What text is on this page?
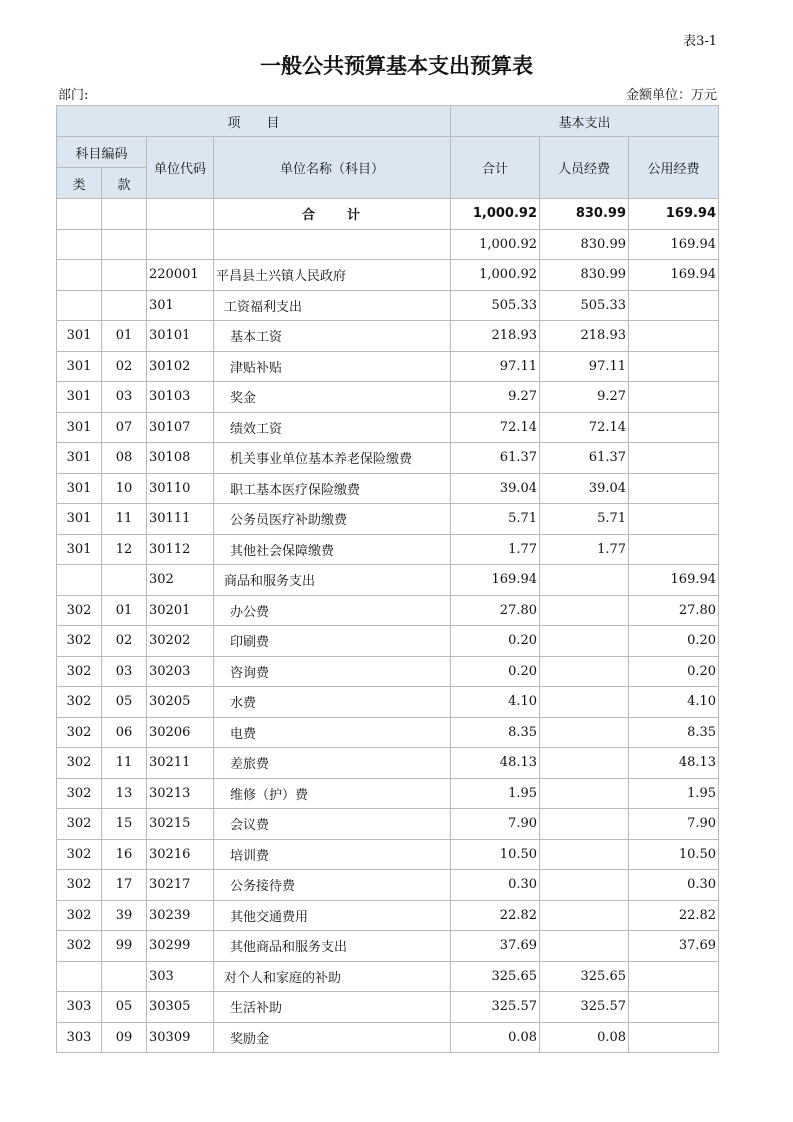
表3-1
一般公共预算基本支出预算表
部门:	金额单位：万元
项　　目				基本支出		
科目编码		单位代码	单位名称（科目）	合计	人员经费	公用经费
类	款					
			合　　计	1,000.92	830.99	169.94
				1,000.92	830.99	169.94
		220001	平昌县土兴镇人民政府	1,000.92	830.99	169.94
		301	工资福利支出	505.33	505.33	
301	01	30101	基本工资	218.93	218.93	
301	02	30102	津贴补贴	97.11	97.11	
301	03	30103	奖金	9.27	9.27	
301	07	30107	绩效工资	72.14	72.14	
301	08	30108	机关事业单位基本养老保险缴费	61.37	61.37	
301	10	30110	职工基本医疗保险缴费	39.04	39.04	
301	11	30111	公务员医疗补助缴费	5.71	5.71	
301	12	30112	其他社会保障缴费	1.77	1.77	
		302	商品和服务支出	169.94		169.94
302	01	30201	办公费	27.80		27.80
302	02	30202	印刷费	0.20		0.20
302	03	30203	咨询费	0.20		0.20
302	05	30205	水费	4.10		4.10
302	06	30206	电费	8.35		8.35
302	11	30211	差旅费	48.13		48.13
302	13	30213	维修（护）费	1.95		1.95
302	15	30215	会议费	7.90		7.90
302	16	30216	培训费	10.50		10.50
302	17	30217	公务接待费	0.30		0.30
302	39	30239	其他交通费用	22.82		22.82
302	99	30299	其他商品和服务支出	37.69		37.69
		303	对个人和家庭的补助	325.65	325.65	
303	05	30305	生活补助	325.57	325.57	
303	09	30309	奖励金	0.08	0.08	
